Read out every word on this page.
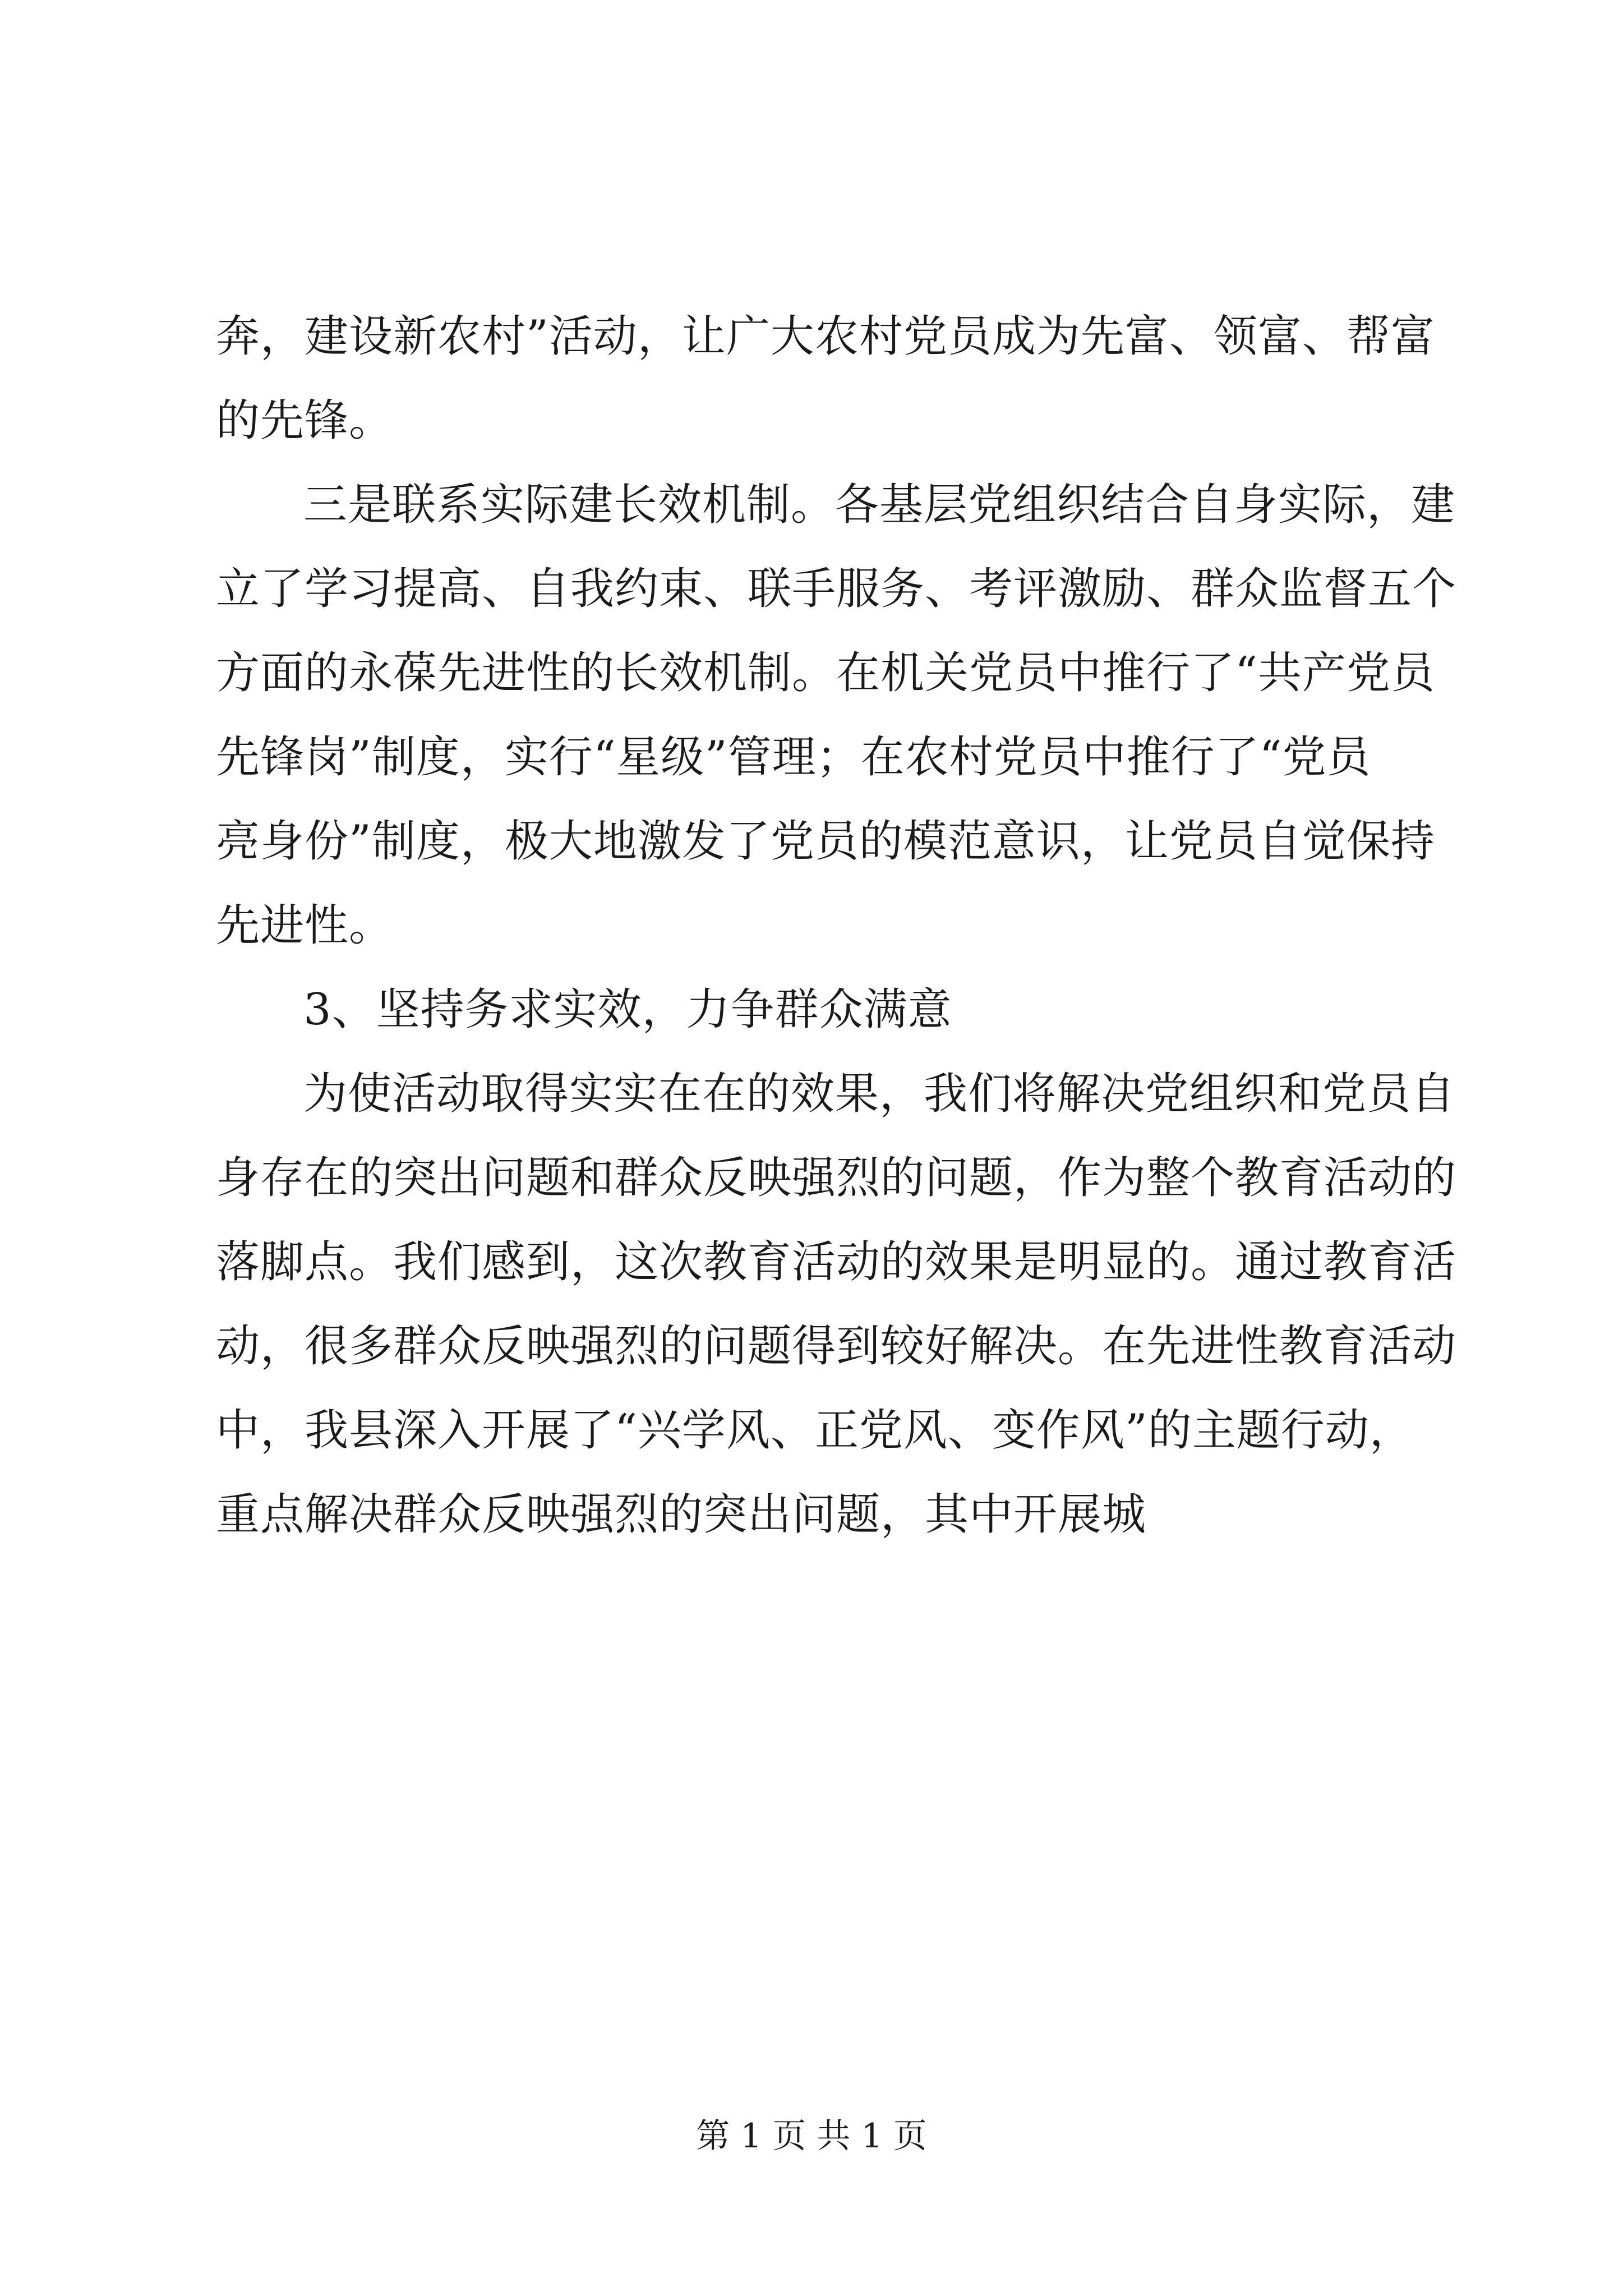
奔，建设新农村”活动，让广大农村党员成为先富、领富、帮富
的先锋。
三是联系实际建长效机制。各基层党组织结合自身实际，建
立了学习提高、自我约束、联手服务、考评激励、群众监督五个
方面的永葆先进性的长效机制。在机关党员中推行了“共产党员
先锋岗”制度，实行“星级”管理；在农村党员中推行了“党员
亮身份”制度，极大地激发了党员的模范意识，让党员自觉保持
先进性。
3、坚持务求实效，力争群众满意
为使活动取得实实在在的效果，我们将解决党组织和党员自
身存在的突出问题和群众反映强烈的问题，作为整个教育活动的
落脚点。我们感到，这次教育活动的效果是明显的。通过教育活
动，很多群众反映强烈的问题得到较好解决。在先进性教育活动
中，我县深入开展了“兴学风、正党风、变作风”的主题行动，
重点解决群众反映强烈的突出问题，其中开展城
第 1 页 共 1 页
